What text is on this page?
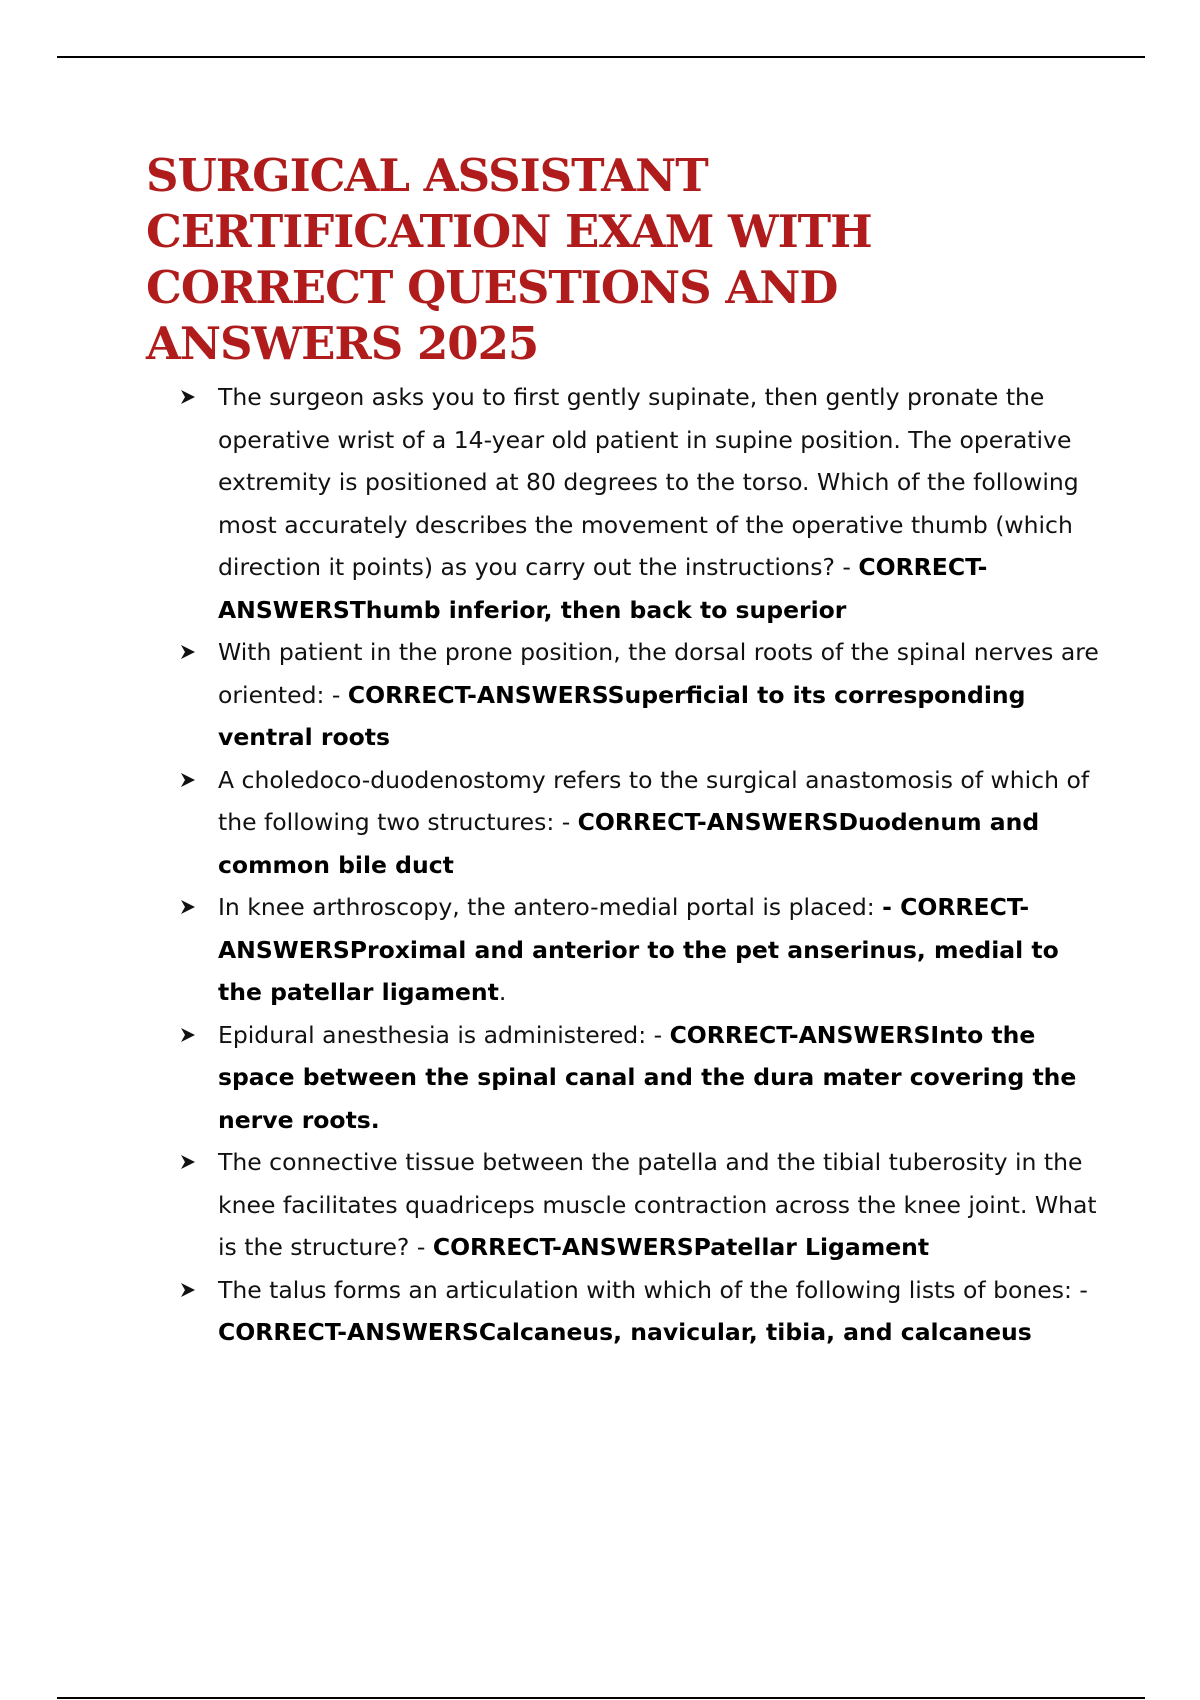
SURGICAL ASSISTANT CERTIFICATION EXAM WITH CORRECT QUESTIONS AND ANSWERS 2025
The surgeon asks you to first gently supinate, then gently pronate the operative wrist of a 14-year old patient in supine position. The operative extremity is positioned at 80 degrees to the torso. Which of the following most accurately describes the movement of the operative thumb (which direction it points) as you carry out the instructions? - CORRECT-ANSWERSThumb inferior, then back to superior
With patient in the prone position, the dorsal roots of the spinal nerves are oriented: - CORRECT-ANSWERSSuperficial to its corresponding ventral roots
A choledoco-duodenostomy refers to the surgical anastomosis of which of the following two structures: - CORRECT-ANSWERSDuodenum and common bile duct
In knee arthroscopy, the antero-medial portal is placed: - CORRECT-ANSWERSProximal and anterior to the pet anserinus, medial to the patellar ligament.
Epidural anesthesia is administered: - CORRECT-ANSWERSInto the space between the spinal canal and the dura mater covering the nerve roots.
The connective tissue between the patella and the tibial tuberosity in the knee facilitates quadriceps muscle contraction across the knee joint. What is the structure? - CORRECT-ANSWERSPatellar Ligament
The talus forms an articulation with which of the following lists of bones: - CORRECT-ANSWERSCalcaneus, navicular, tibia, and calcaneus
